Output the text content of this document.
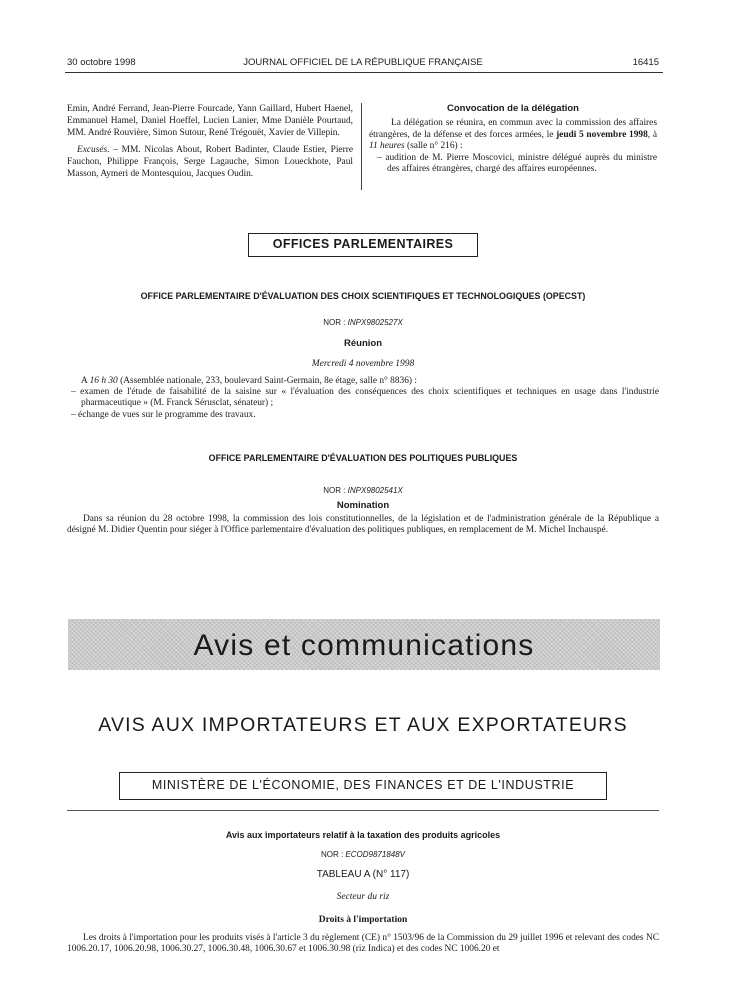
30 octobre 1998	JOURNAL OFFICIEL DE LA RÉPUBLIQUE FRANÇAISE	16415

Emin, André Ferrand, Jean-Pierre Fourcade, Yann Gaillard, Hubert Haenel, Emmanuel Hamel, Daniel Hoeffel, Lucien Lanier, Mme Danièle Pourtaud, MM. André Rouvière, Simon Sutour, René Trégouët, Xavier de Villepin.

Excusés. – MM. Nicolas About, Robert Badinter, Claude Estier, Pierre Fauchon, Philippe François, Serge Lagauche, Simon Loueckhote, Paul Masson, Aymeri de Montesquiou, Jacques Oudin.

Convocation de la délégation

La délégation se réunira, en commun avec la commission des affaires étrangères, de la défense et des forces armées, le jeudi 5 novembre 1998, à 11 heures (salle n° 216) :

– audition de M. Pierre Moscovici, ministre délégué auprès du ministre des affaires étrangères, chargé des affaires européennes.

OFFICES PARLEMENTAIRES
OFFICE PARLEMENTAIRE D'ÉVALUATION DES CHOIX SCIENTIFIQUES ET TECHNOLOGIQUES (OPECST)
NOR : INPX9802527X
Réunion
Mercredi 4 novembre 1998

A 16 h 30 (Assemblée nationale, 233, boulevard Saint-Germain, 8e étage, salle n° 8836) :

– examen de l'étude de faisabilité de la saisine sur « l'évaluation des conséquences des choix scientifiques et techniques en usage dans l'industrie pharmaceutique » (M. Franck Sérusclat, sénateur) ;

– échange de vues sur le programme des travaux.

OFFICE PARLEMENTAIRE D'ÉVALUATION DES POLITIQUES PUBLIQUES
NOR : INPX9802541X
Nomination

Dans sa réunion du 28 octobre 1998, la commission des lois constitutionnelles, de la législation et de l'administration générale de la République a désigné M. Didier Quentin pour siéger à l'Office parlementaire d'évaluation des politiques publiques, en remplacement de M. Michel Inchauspé.

Avis et communications
AVIS AUX IMPORTATEURS ET AUX EXPORTATEURS
MINISTÈRE DE L'ÉCONOMIE, DES FINANCES ET DE L'INDUSTRIE
Avis aux importateurs relatif à la taxation des produits agricoles
NOR : ECOD9871848V
TABLEAU A (N° 117)
Secteur du riz
Droits à l'importation

Les droits à l'importation pour les produits visés à l'article 3 du règlement (CE) n° 1503/96 de la Commission du 29 juillet 1996 et relevant des codes NC 1006.20.17, 1006.20.98, 1006.30.27, 1006.30.48, 1006.30.67 et 1006.30.98 (riz Indica) et des codes NC 1006.20 et
